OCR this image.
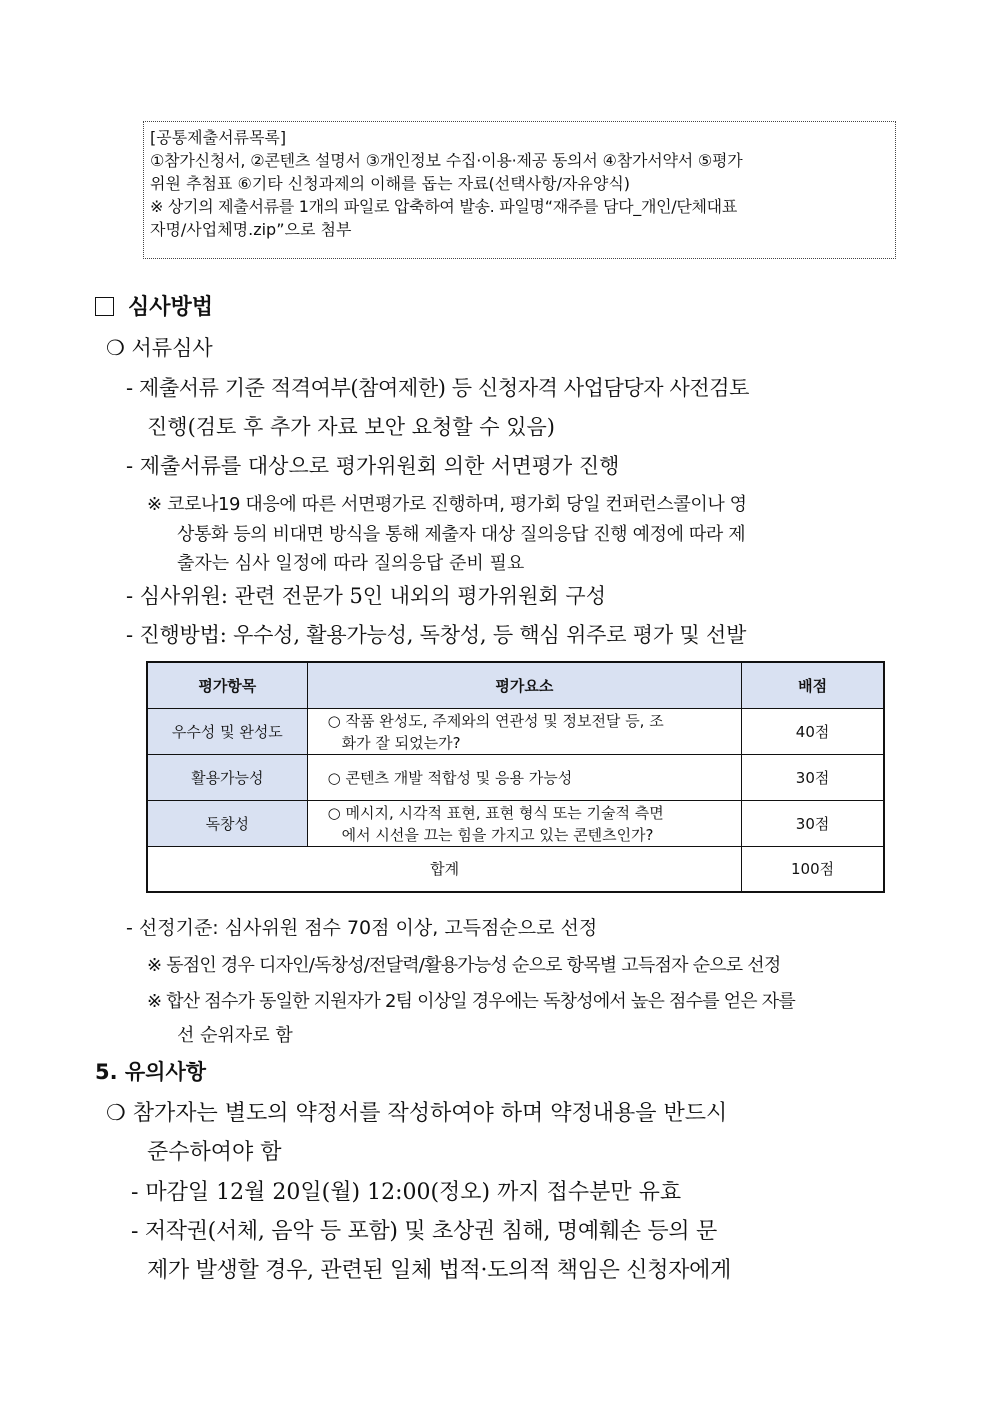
[공통제출서류목록]

①참가신청서, ②콘텐츠 설명서 ③개인정보 수집·이용·제공 동의서 ④참가서약서 ⑤평가

위원 추첨표 ⑥기타 신청과제의 이해를 돕는 자료(선택사항/자유양식)

※ 상기의 제출서류를 1개의 파일로 압축하여 발송. 파일명“재주를 담다_개인/단체대표

자명/사업체명.zip”으로 첨부

심사방법
❍ 서류심사
- 제출서류 기준 적격여부(참여제한) 등 신청자격 사업담당자 사전검토
진행(검토 후 추가 자료 보안 요청할 수 있음)
- 제출서류를 대상으로 평가위원회 의한 서면평가 진행
※ 코로나19 대응에 따른 서면평가로 진행하며, 평가회 당일 컨퍼런스콜이나 영
상통화 등의 비대면 방식을 통해 제출자 대상 질의응답 진행 예정에 따라 제
출자는 심사 일정에 따라 질의응답 준비 필요
- 심사위원: 관련 전문가 5인 내외의 평가위원회 구성
- 진행방법: 우수성, 활용가능성, 독창성, 등 핵심 위주로 평가 및 선발
평가항목	평가요소	배점
우수성 및 완성도	○ 작품 완성도, 주제와의 연관성 및 정보전달 등, 조
화가 잘 되었는가?	40점
활용가능성	○ 콘텐츠 개발 적합성 및 응용 가능성	30점
독창성	○ 메시지, 시각적 표현, 표현 형식 또는 기술적 측면
에서 시선을 끄는 힘을 가지고 있는 콘텐츠인가?	30점
합계		100점
- 선정기준: 심사위원 점수 70점 이상, 고득점순으로 선정
※ 동점인 경우 디자인/독창성/전달력/활용가능성 순으로 항목별 고득점자 순으로 선정
※ 합산 점수가 동일한 지원자가 2팀 이상일 경우에는 독창성에서 높은 점수를 얻은 자를
선 순위자로 함
5. 유의사항
❍ 참가자는 별도의 약정서를 작성하여야 하며 약정내용을 반드시
준수하여야 함
- 마감일 12월 20일(월) 12:00(정오) 까지 접수분만 유효
- 저작권(서체, 음악 등 포함) 및 초상권 침해, 명예훼손 등의 문
제가 발생할 경우, 관련된 일체 법적·도의적 책임은 신청자에게
